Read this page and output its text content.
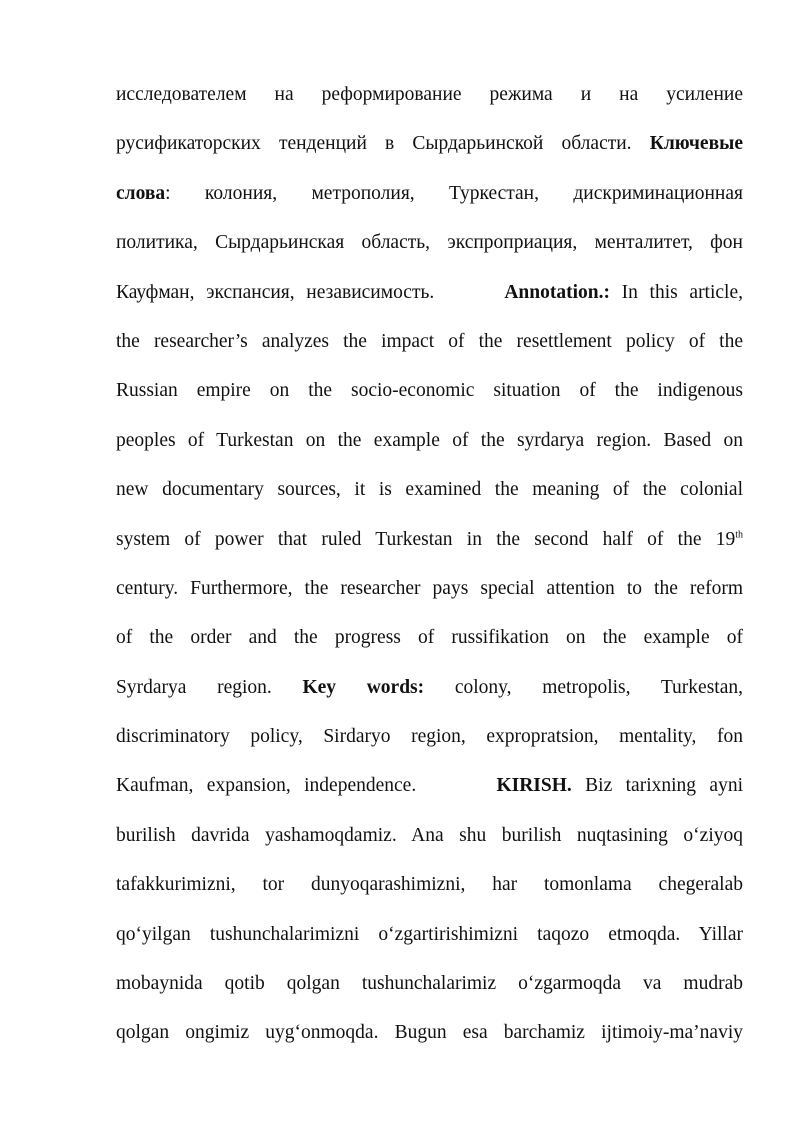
исследователем на реформирование режима и на усиление
русификаторских тенденций в Сырдарьинской области. Ключевые
слова: колония, метрополия, Туркестан, дискриминационная
политика, Сырдарьинская область, экспроприация, менталитет, фон
Кауфман, экспансия, независимость.      Annotation.: In this article,
the researcher’s analyzes the impact of the resettlement policy of the
Russian empire on the socio-economic situation of the indigenous
peoples of Turkestan on the example of the syrdarya region. Based on
new documentary sources, it is examined the meaning of the colonial
system of power that ruled Turkestan in the second half of the 19th
century. Furthermore, the researcher pays special attention to the reform
of the order and the progress of russifikation on the example of
Syrdarya region. Key words: colony, metropolis, Turkestan,
discriminatory policy, Sirdaryo region, expropratsion, mentality, fon
Kaufman, expansion, independence.      KIRISH. Biz tarixning ayni
burilish davrida yashamoqdamiz. Ana shu burilish nuqtasining o‘ziyoq
tafakkurimizni, tor dunyoqarashimizni, har tomonlama chegeralab
qo‘yilgan tushunchalarimizni o‘zgartirishimizni taqozo etmoqda. Yillar
mobaynida qotib qolgan tushunchalarimiz o‘zgarmoqda va mudrab
qolgan ongimiz uyg‘onmoqda. Bugun esa barchamiz ijtimoiy-ma’naviy
